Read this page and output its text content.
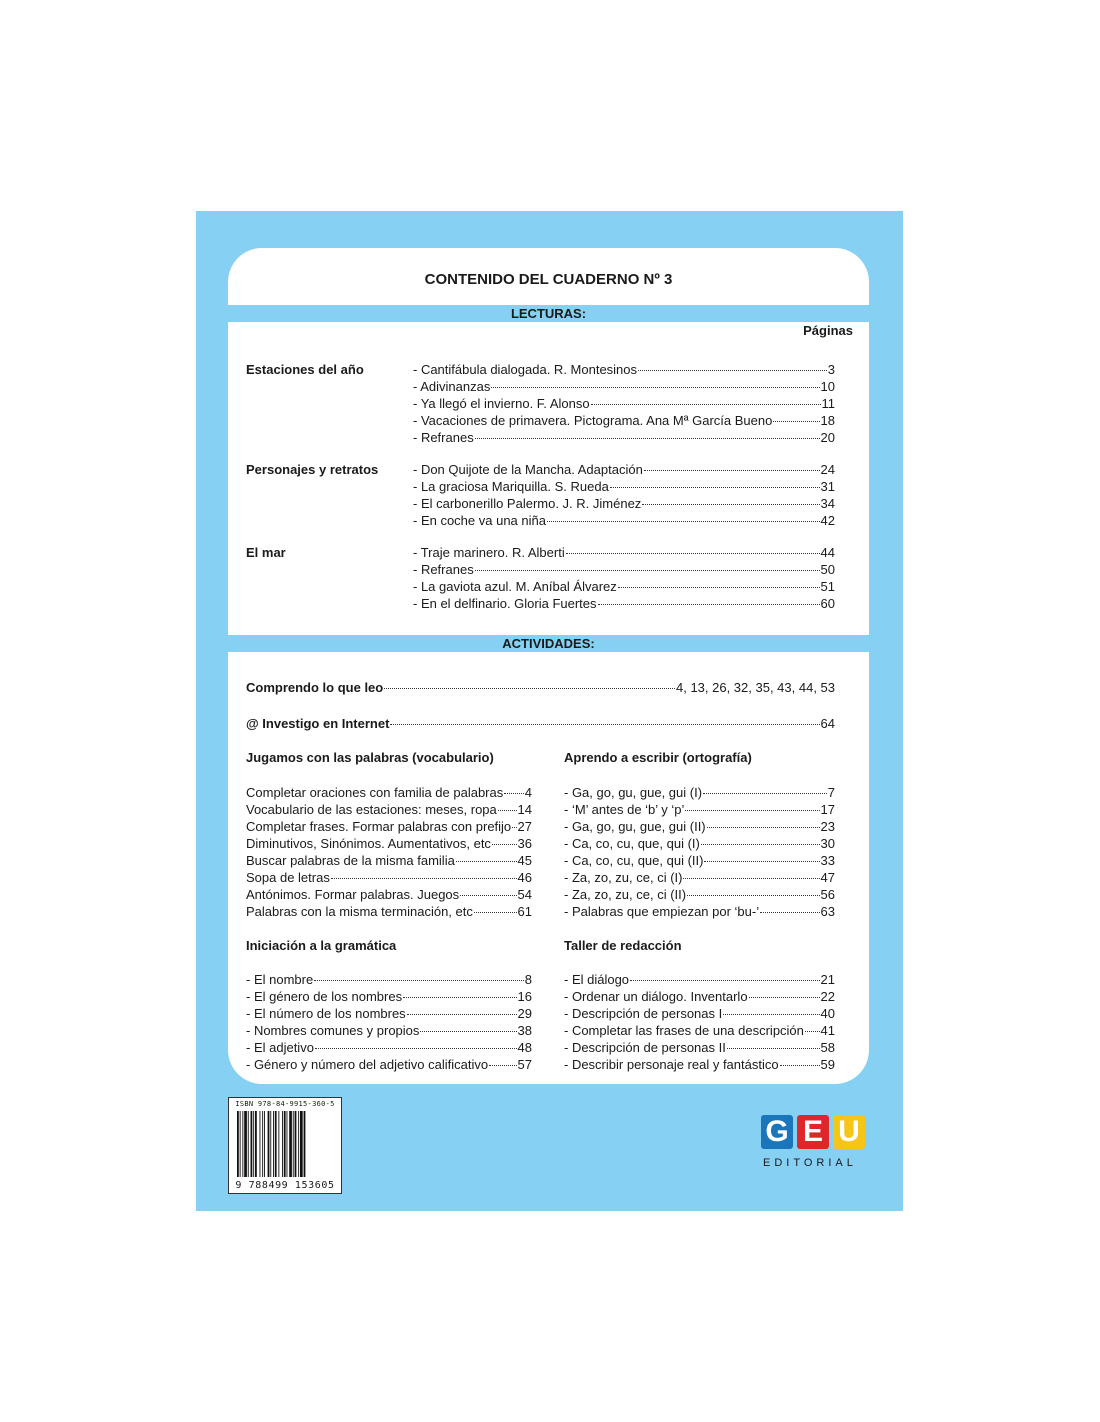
CONTENIDO DEL CUADERNO Nº 3
LECTURAS:
Páginas
Estaciones del año	- Cantifábula dialogada. R. Montesinos	3
- Adivinanzas	10
- Ya llegó el invierno. F. Alonso	11
- Vacaciones de primavera. Pictograma. Ana Mª García Bueno	18
- Refranes	20
Personajes y retratos	- Don Quijote de la Mancha. Adaptación	24
- La graciosa Mariquilla. S. Rueda	31
- El carbonerillo Palermo. J. R. Jiménez	34
- En coche va una niña	42
El mar	- Traje marinero. R. Alberti	44
- Refranes	50
- La gaviota azul. M. Aníbal Álvarez	51
- En el delfinario. Gloria Fuertes	60
ACTIVIDADES:
Comprendo lo que leo	4, 13, 26, 32, 35, 43, 44, 53
@ Investigo en Internet	64
Jugamos con las palabras (vocabulario)	Aprendo a escribir (ortografía)
Completar oraciones con familia de palabras 4
Vocabulario de las estaciones: meses, ropa 14
Completar frases. Formar palabras con prefijo 27
Diminutivos, Sinónimos. Aumentativos, etc 36
Buscar palabras de la misma familia	45
Sopa de letras	46
Antónimos. Formar palabras. Juegos	54
Palabras con la misma terminación, etc	61
- Ga, go, gu, gue, gui (I)	7
- ‘M’ antes de ‘b’ y ‘p’	17
- Ga, go, gu, gue, gui (II)	23
- Ca, co, cu, que, qui (I)	30
- Ca, co, cu, que, qui (II)	33
- Za, zo, zu, ce, ci (I)	47
- Za, zo, zu, ce, ci (II)	56
- Palabras que empiezan por ‘bu-’	63
Iniciación a la gramática	Taller de redacción
- El nombre	8
- El género de los nombres	16
- El número de los nombres	29
- Nombres comunes y propios	38
- El adjetivo	48
- Género y número del adjetivo calificativo 57
- El diálogo	21
- Ordenar un diálogo. Inventarlo	22
- Descripción de personas I	40
- Completar las frases de una descripción 41
- Descripción de personas II	58
- Describir personaje real y fantástico	59
ISBN 978-84-9915-360-5
9 788499 153605
G E U
EDITORIAL
